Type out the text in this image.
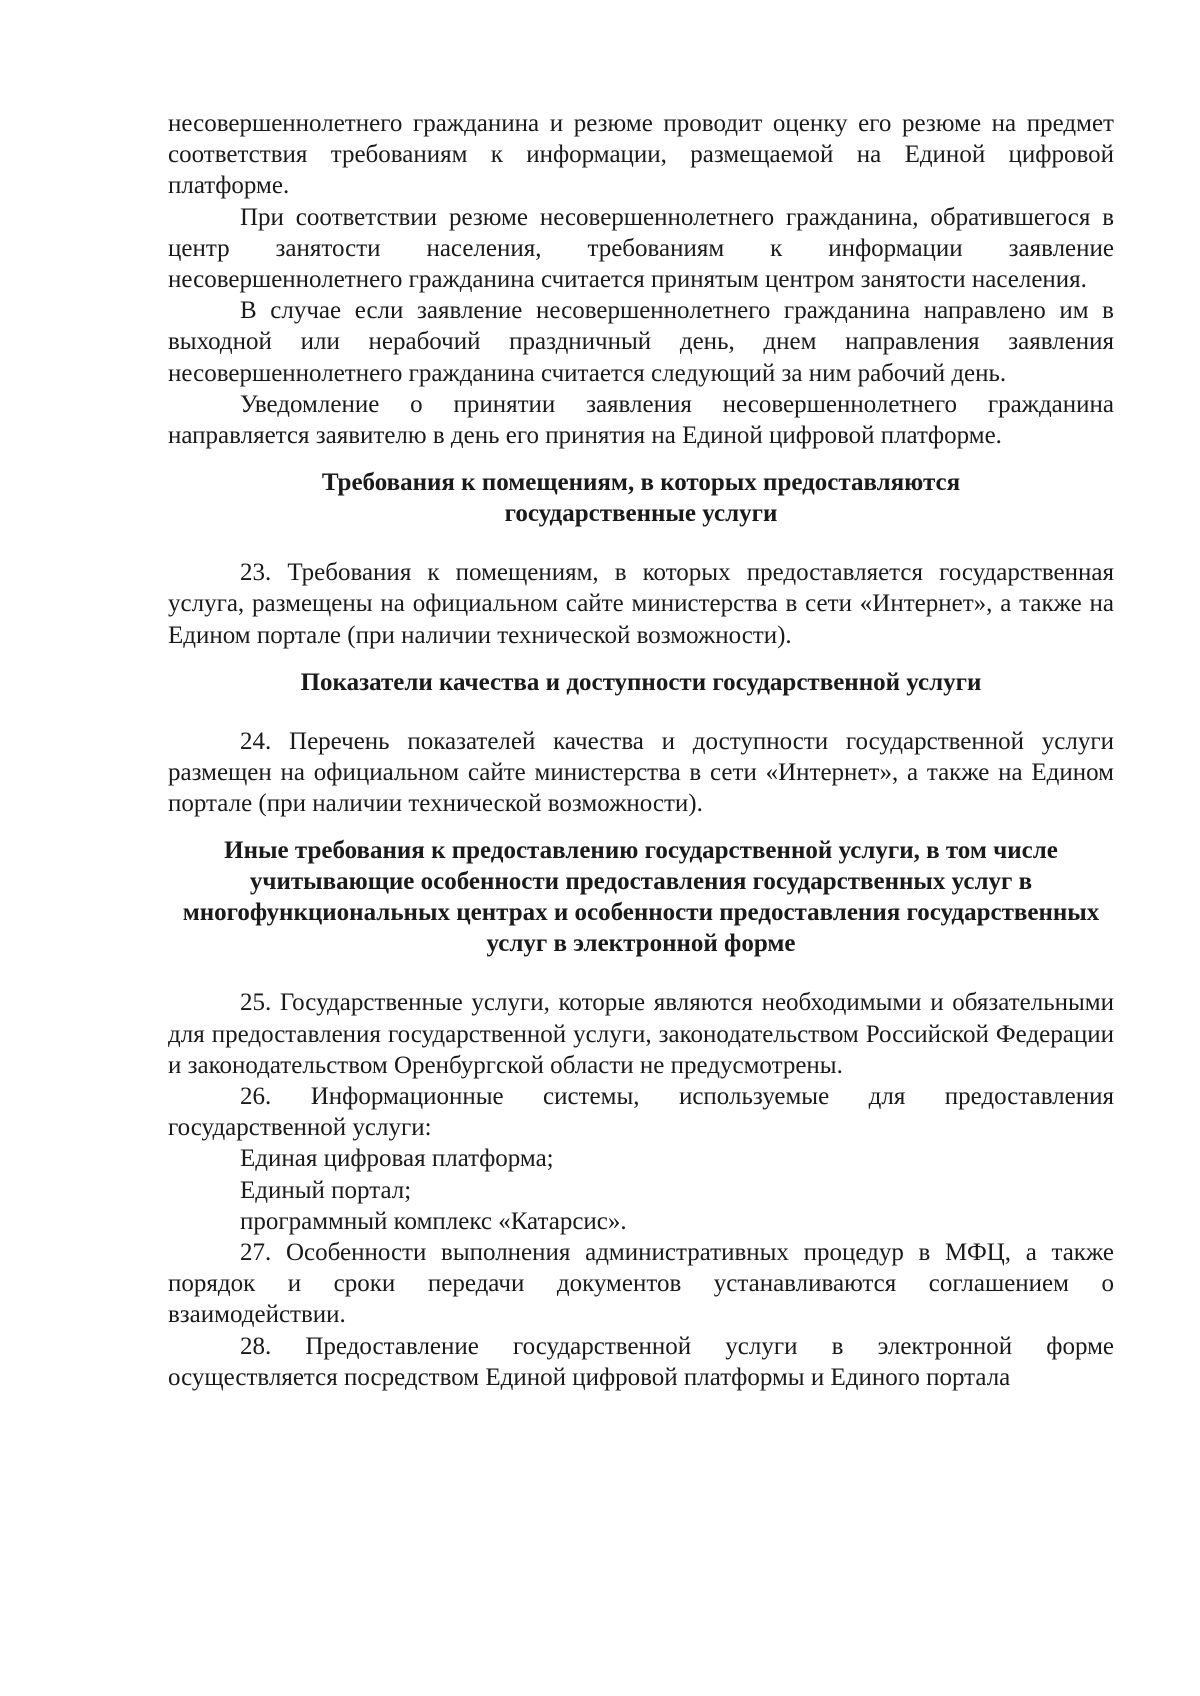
несовершеннолетнего гражданина и резюме проводит оценку его резюме на предмет соответствия требованиям к информации, размещаемой на Единой цифровой платформе.

При соответствии резюме несовершеннолетнего гражданина, обратившегося в центр занятости населения, требованиям к информации заявление несовершеннолетнего гражданина считается принятым центром занятости населения.

В случае если заявление несовершеннолетнего гражданина направлено им в выходной или нерабочий праздничный день, днем направления заявления несовершеннолетнего гражданина считается следующий за ним рабочий день.

Уведомление о принятии заявления несовершеннолетнего гражданина направляется заявителю в день его принятия на Единой цифровой платформе.

Требования к помещениям, в которых предоставляются государственные услуги

23. Требования к помещениям, в которых предоставляется государственная услуга, размещены на официальном сайте министерства в сети «Интернет», а также на Едином портале (при наличии технической возможности).

Показатели качества и доступности государственной услуги

24. Перечень показателей качества и доступности государственной услуги размещен на официальном сайте министерства в сети «Интернет», а также на Едином портале (при наличии технической возможности).

Иные требования к предоставлению государственной услуги, в том числе учитывающие особенности предоставления государственных услуг в многофункциональных центрах и особенности предоставления государственных услуг в электронной форме

25. Государственные услуги, которые являются необходимыми и обязательными для предоставления государственной услуги, законодательством Российской Федерации и законодательством Оренбургской области не предусмотрены.

26. Информационные системы, используемые для предоставления государственной услуги:

Единая цифровая платформа;

Единый портал;

программный комплекс «Катарсис».

27. Особенности выполнения административных процедур в МФЦ, а также порядок и сроки передачи документов устанавливаются соглашением о взаимодействии.

28. Предоставление государственной услуги в электронной форме осуществляется посредством Единой цифровой платформы и Единого портала
